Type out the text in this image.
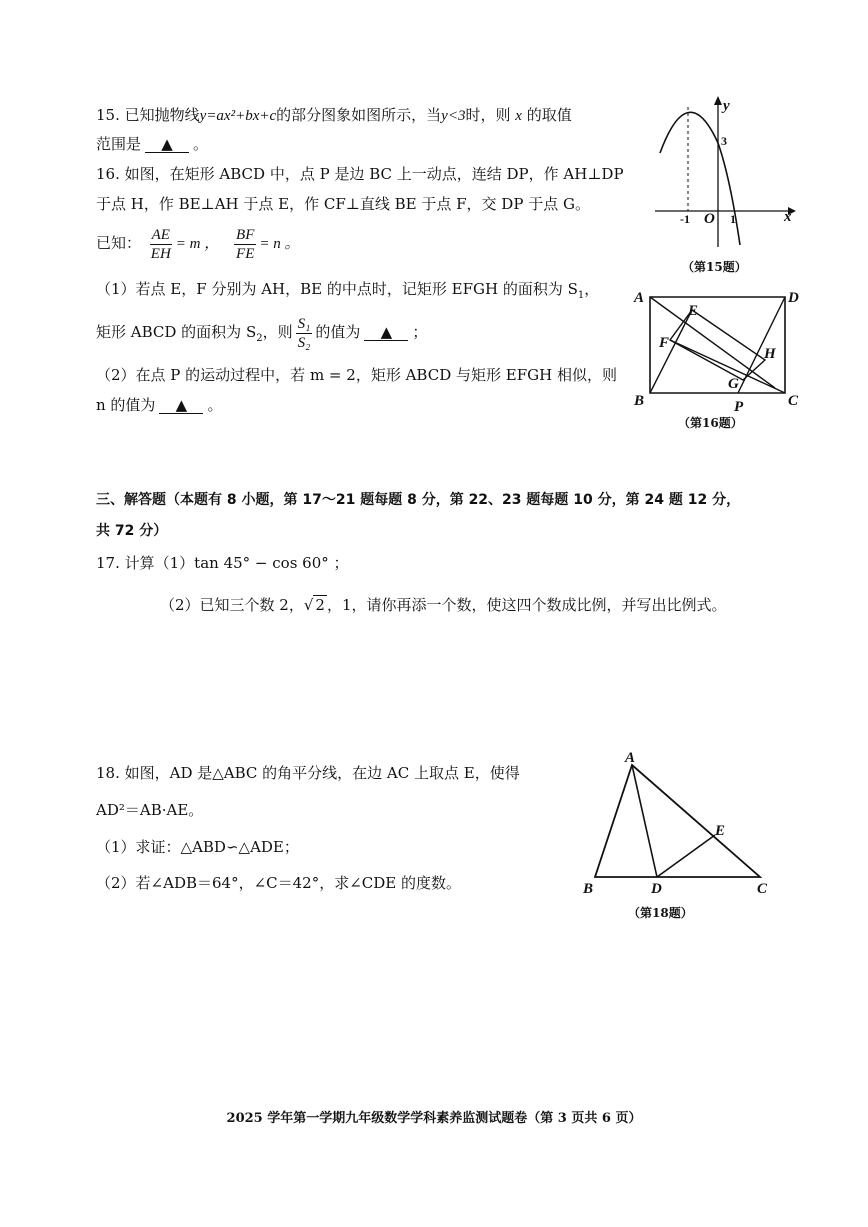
15. 已知抛物线y=ax²+bx+c的部分图象如图所示，当y<3时，则 x 的取值
范围是 ▲ 。
y
x
O
3
-1	1
（第15题）
16. 如图，在矩形 ABCD 中，点 P 是边 BC 上一动点，连结 DP，作 AH⊥DP
于点 H，作 BE⊥AH 于点 E，作 CF⊥直线 BE 于点 F，交 DP 于点 G。
已知： $\frac{AE}{EH} = m$ ， $\frac{BF}{FE} = n$ 。
（1）若点 E，F 分别为 AH，BE 的中点时，记矩形 EFGH 的面积为 $S_1$，
矩形 ABCD 的面积为 $S_2$，则 $\frac{\text{S₁}}{\text{S₂}}$ 的值为 ▲ ；
（2）在点 P 的运动过程中，若 m = 2，矩形 ABCD 与矩形 EFGH 相似，则
n 的值为 ▲ 。
A	D
B	C
E
F
H
G
P
（第16题）
三、解答题（本题有 8 小题，第 17～21 题每题 8 分，第 22、23 题每题 10 分，第 24 题 12 分，
共 72 分）
17. 计算（1）tan 45° − cos 60° ；
（2）已知三个数 2，√ 2 ，1，请你再添一个数，使这四个数成比例，并写出比例式。
18. 如图，AD 是△ABC 的角平分线，在边 AC 上取点 E，使得
AD²＝AB·AE。
（1）求证：△ABD∽△ADE；
（2）若∠ADB＝64°，∠C＝42°，求∠CDE 的度数。
A
B	D	C
E
（第18题）
2025 学年第一学期九年级数学学科素养监测试题卷（第 3 页共 6 页）
